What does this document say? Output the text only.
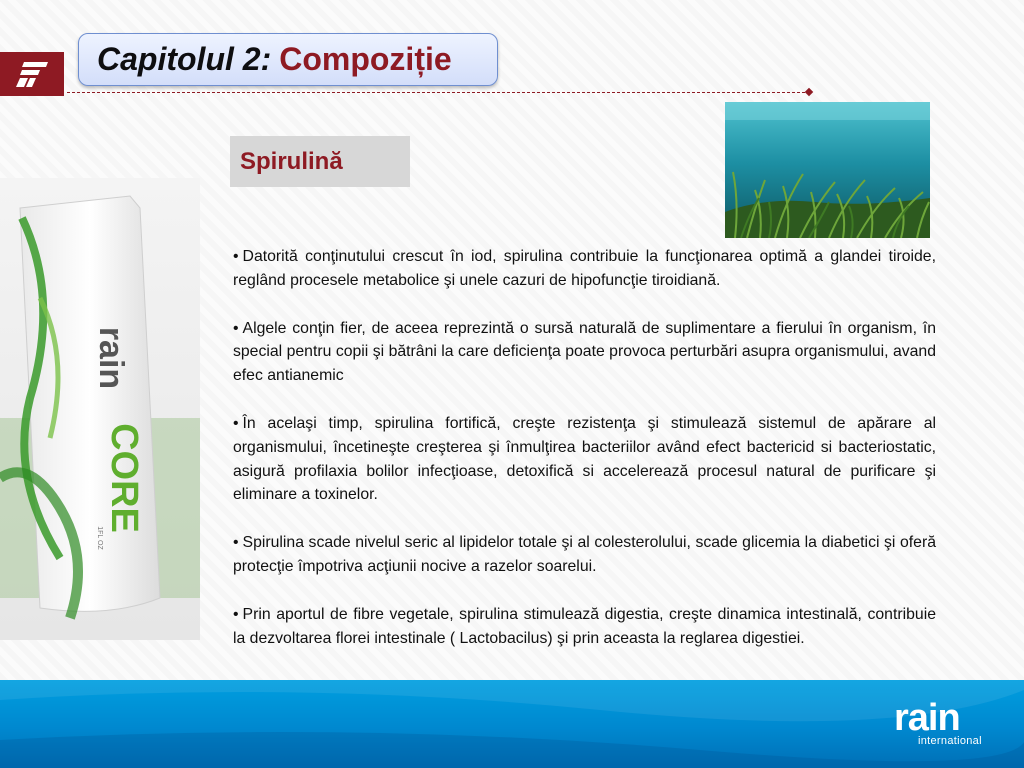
Capitolul 2: Compoziție
rain
CORE
1FL OZ
Spirulină

• Datorită conţinutului crescut în iod, spirulina contribuie la funcţionarea optimă a glandei tiroide, reglând procesele metabolice şi unele cazuri de hipofuncţie tiroidiană.

• Algele conţin fier, de aceea reprezintă o sursă naturală de suplimentare a fierului în organism, în special pentru copii şi bătrâni la care deficienţa poate provoca perturbări asupra organismului, avand efec antianemic

• În acelaşi timp, spirulina fortifică, creşte rezistenţa şi stimulează sistemul de apărare al organismului, încetineşte creşterea şi înmulţirea bacteriilor având efect bactericid si bacteriostatic, asigură profilaxia bolilor infecţioase, detoxifică si accelerează procesul natural de purificare şi eliminare a toxinelor.

• Spirulina scade nivelul seric al lipidelor totale şi al colesterolului, scade glicemia la diabetici şi oferă protecţie împotriva acţiunii nocive a razelor soarelui.

• Prin aportul de fibre vegetale, spirulina stimulează digestia, creşte dinamica intestinală, contribuie la dezvoltarea florei intestinale ( Lactobacilus) şi prin aceasta la reglarea digestiei.

rain
international
